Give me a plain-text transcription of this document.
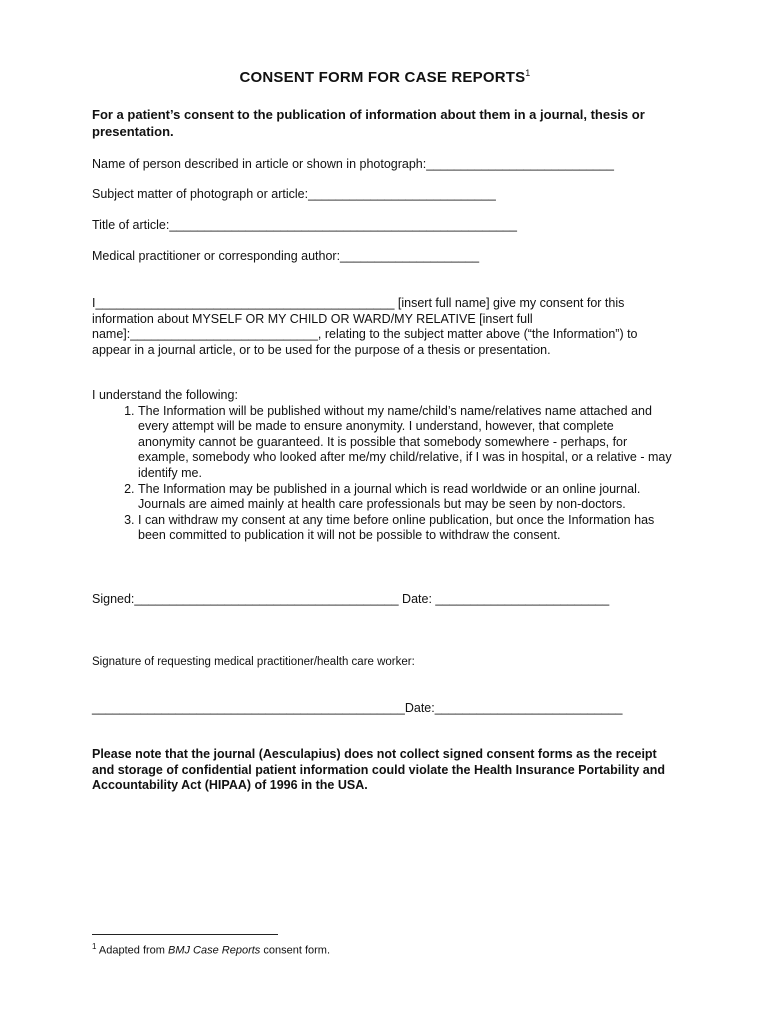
CONSENT FORM FOR CASE REPORTS$^1$
For a patient’s consent to the publication of information about them in a journal, thesis or presentation.
Name of person described in article or shown in photograph:___________________________
Subject matter of photograph or article:___________________________
Title of article:__________________________________________________
Medical practitioner or corresponding author:____________________
I___________________________________________ [insert full name] give my consent for this information about MYSELF OR MY CHILD OR WARD/MY RELATIVE [insert full name]:___________________________, relating to the subject matter above (“the Information”) to appear in a journal article, or to be used for the purpose of a thesis or presentation.
I understand the following:
1. The Information will be published without my name/child’s name/relatives name attached and every attempt will be made to ensure anonymity. I understand, however, that complete anonymity cannot be guaranteed. It is possible that somebody somewhere - perhaps, for example, somebody who looked after me/my child/relative, if I was in hospital, or a relative - may identify me.
2. The Information may be published in a journal which is read worldwide or an online journal. Journals are aimed mainly at health care professionals but may be seen by non-doctors.
3. I can withdraw my consent at any time before online publication, but once the Information has been committed to publication it will not be possible to withdraw the consent.
Signed:______________________________________ Date: _________________________
Signature of requesting medical practitioner/health care worker:
_____________________________________________Date:___________________________
Please note that the journal (Aesculapius) does not collect signed consent forms as the receipt and storage of confidential patient information could violate the Health Insurance Portability and Accountability Act (HIPAA) of 1996 in the USA.
$^1$ Adapted from BMJ Case Reports consent form.
